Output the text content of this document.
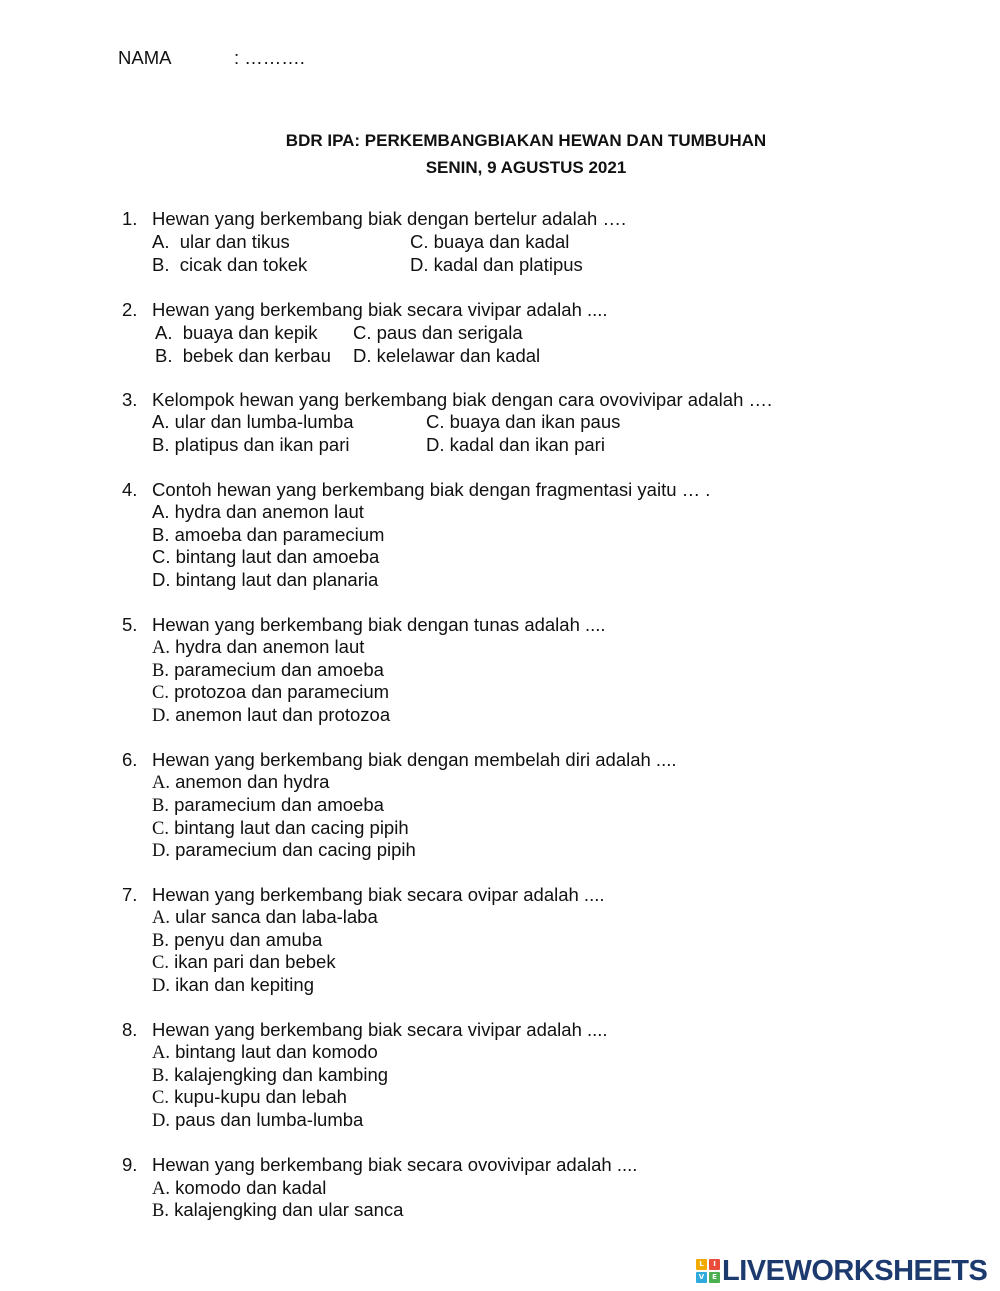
NAMA	: ……….
BDR IPA: PERKEMBANGBIAKAN HEWAN DAN TUMBUHAN
SENIN, 9 AGUSTUS 2021
1. Hewan yang berkembang biak dengan bertelur adalah ….
A. ular dan tikus	C. buaya dan kadal
B. cicak dan tokek	D. kadal dan platipus
2. Hewan yang berkembang biak secara vivipar adalah ....
A. buaya dan kepik C. paus dan serigala
B. bebek dan kerbau D. kelelawar dan kadal
3. Kelompok hewan yang berkembang biak dengan cara ovovivipar adalah ….
A. ular dan lumba-lumba	C. buaya dan ikan paus
B. platipus dan ikan pari	D. kadal dan ikan pari
4. Contoh hewan yang berkembang biak dengan fragmentasi yaitu … .
A. hydra dan anemon laut
B. amoeba dan paramecium
C. bintang laut dan amoeba
D. bintang laut dan planaria
5. Hewan yang berkembang biak dengan tunas adalah ....
A. hydra dan anemon laut
B. paramecium dan amoeba
C. protozoa dan paramecium
D. anemon laut dan protozoa
6. Hewan yang berkembang biak dengan membelah diri adalah ....
A. anemon dan hydra
B. paramecium dan amoeba
C. bintang laut dan cacing pipih
D. paramecium dan cacing pipih
7. Hewan yang berkembang biak secara ovipar adalah ....
A. ular sanca dan laba-laba
B. penyu dan amuba
C. ikan pari dan bebek
D. ikan dan kepiting
8. Hewan yang berkembang biak secara vivipar adalah ....
A. bintang laut dan komodo
B. kalajengking dan kambing
C. kupu-kupu dan lebah
D. paus dan lumba-lumba
9. Hewan yang berkembang biak secara ovovivipar adalah ....
A. komodo dan kadal
B. kalajengking dan ular sanca
L	I
V	E LIVEWORKSHEETS
